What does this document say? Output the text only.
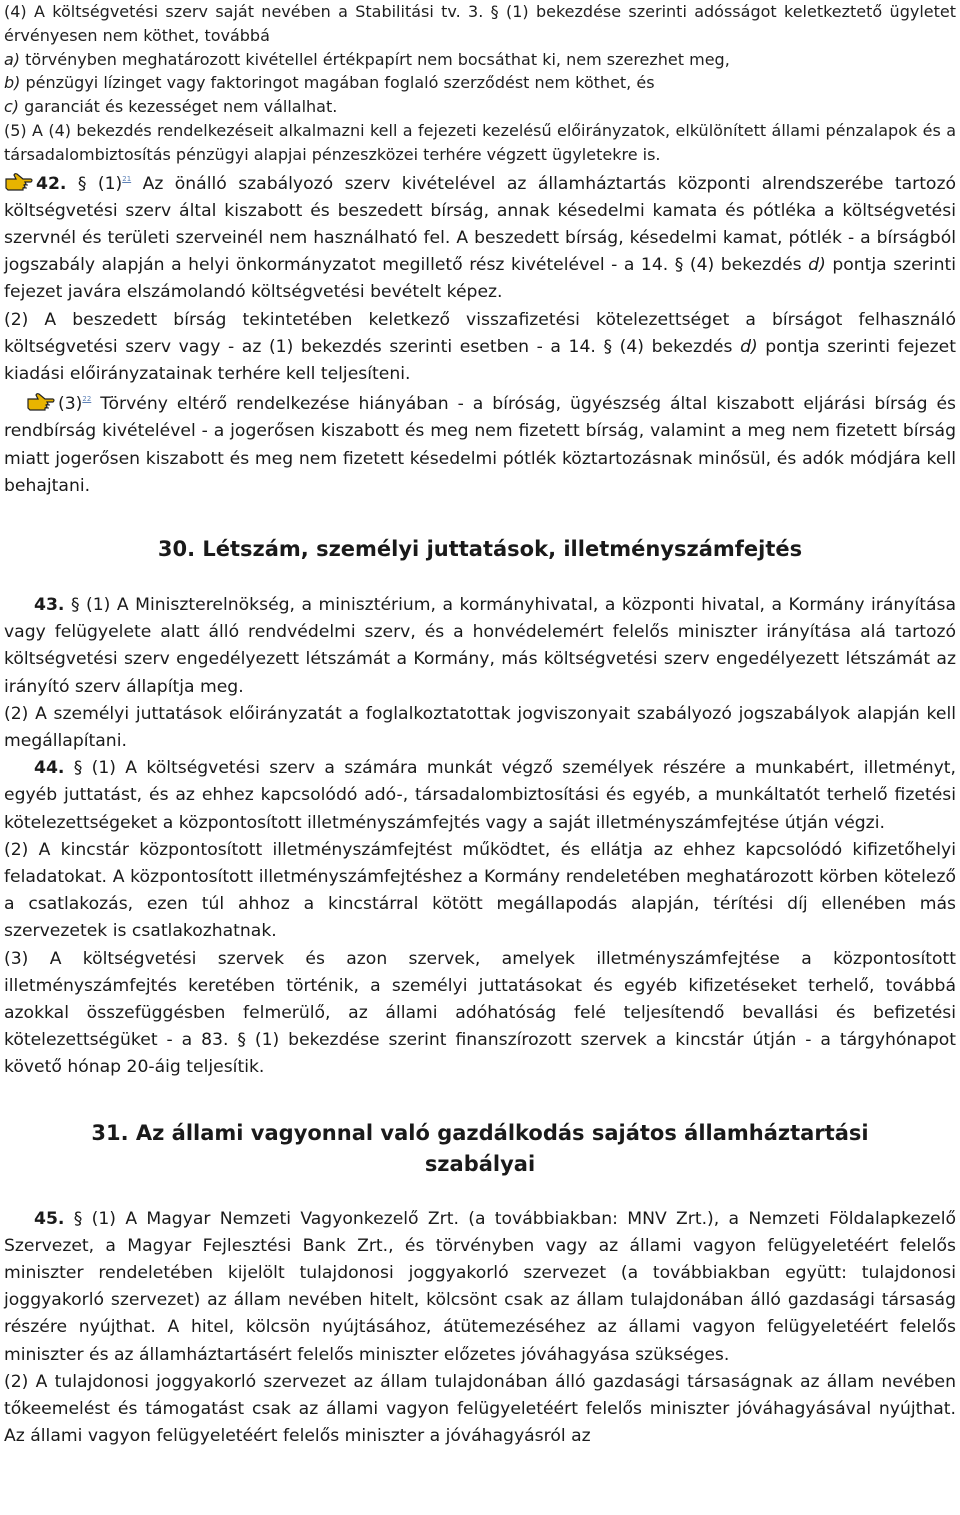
(4) A költségvetési szerv saját nevében a Stabilitási tv. 3. § (1) bekezdése szerinti adósságot keletkeztető ügyletet érvényesen nem köthet, továbbá
a) törvényben meghatározott kivétellel értékpapírt nem bocsáthat ki, nem szerezhet meg,
b) pénzügyi lízinget vagy faktoringot magában foglaló szerződést nem köthet, és
c) garanciát és kezességet nem vállalhat.

(5) A (4) bekezdés rendelkezéseit alkalmazni kell a fejezeti kezelésű előirányzatok, elkülönített állami pénzalapok és a társadalombiztosítás pénzügyi alapjai pénzeszközei terhére végzett ügyletekre is.

42. § (1)$^{21}$ Az önálló szabályozó szerv kivételével az államháztartás központi alrendszerébe tartozó költségvetési szerv által kiszabott és beszedett bírság, annak késedelmi kamata és pótléka a költségvetési szervnél és területi szerveinél nem használható fel. A beszedett bírság, késedelmi kamat, pótlék - a bírságból jogszabály alapján a helyi önkormányzatot megillető rész kivételével - a 14. § (4) bekezdés d) pontja szerinti fejezet javára elszámolandó költségvetési bevételt képez.

(2) A beszedett bírság tekintetében keletkező visszafizetési kötelezettséget a bírságot felhasználó költségvetési szerv vagy - az (1) bekezdés szerinti esetben - a 14. § (4) bekezdés d) pontja szerinti fejezet kiadási előirányzatainak terhére kell teljesíteni.

(3)$^{22}$ Törvény eltérő rendelkezése hiányában - a bíróság, ügyészség által kiszabott eljárási bírság és rendbírság kivételével - a jogerősen kiszabott és meg nem fizetett bírság, valamint a meg nem fizetett bírság miatt jogerősen kiszabott és meg nem fizetett késedelmi pótlék köztartozásnak minősül, és adók módjára kell behajtani.

30. Létszám, személyi juttatások, illetményszámfejtés

43. § (1) A Miniszterelnökség, a minisztérium, a kormányhivatal, a központi hivatal, a Kormány irányítása vagy felügyelete alatt álló rendvédelmi szerv, és a honvédelemért felelős miniszter irányítása alá tartozó költségvetési szerv engedélyezett létszámát a Kormány, más költségvetési szerv engedélyezett létszámát az irányító szerv állapítja meg.

(2) A személyi juttatások előirányzatát a foglalkoztatottak jogviszonyait szabályozó jogszabályok alapján kell megállapítani.

44. § (1) A költségvetési szerv a számára munkát végző személyek részére a munkabért, illetményt, egyéb juttatást, és az ehhez kapcsolódó adó-, társadalombiztosítási és egyéb, a munkáltatót terhelő fizetési kötelezettségeket a központosított illetményszámfejtés vagy a saját illetményszámfejtése útján végzi.

(2) A kincstár központosított illetményszámfejtést működtet, és ellátja az ehhez kapcsolódó kifizetőhelyi feladatokat. A központosított illetményszámfejtéshez a Kormány rendeletében meghatározott körben kötelező a csatlakozás, ezen túl ahhoz a kincstárral kötött megállapodás alapján, térítési díj ellenében más szervezetek is csatlakozhatnak.

(3) A költségvetési szervek és azon szervek, amelyek illetményszámfejtése a központosított illetményszámfejtés keretében történik, a személyi juttatásokat és egyéb kifizetéseket terhelő, továbbá azokkal összefüggésben felmerülő, az állami adóhatóság felé teljesítendő bevallási és befizetési kötelezettségüket - a 83. § (1) bekezdése szerint finanszírozott szervek a kincstár útján - a tárgyhónapot követő hónap 20-áig teljesítik.

31. Az állami vagyonnal való gazdálkodás sajátos államháztartási szabályai

45. § (1) A Magyar Nemzeti Vagyonkezelő Zrt. (a továbbiakban: MNV Zrt.), a Nemzeti Földalapkezelő Szervezet, a Magyar Fejlesztési Bank Zrt., és törvényben vagy az állami vagyon felügyeletéért felelős miniszter rendeletében kijelölt tulajdonosi joggyakorló szervezet (a továbbiakban együtt: tulajdonosi joggyakorló szervezet) az állam nevében hitelt, kölcsönt csak az állam tulajdonában álló gazdasági társaság részére nyújthat. A hitel, kölcsön nyújtásához, átütemezéséhez az állami vagyon felügyeletéért felelős miniszter és az államháztartásért felelős miniszter előzetes jóváhagyása szükséges.

(2) A tulajdonosi joggyakorló szervezet az állam tulajdonában álló gazdasági társaságnak az állam nevében tőkeemelést és támogatást csak az állami vagyon felügyeletéért felelős miniszter jóváhagyásával nyújthat. Az állami vagyon felügyeletéért felelős miniszter a jóváhagyásról az
